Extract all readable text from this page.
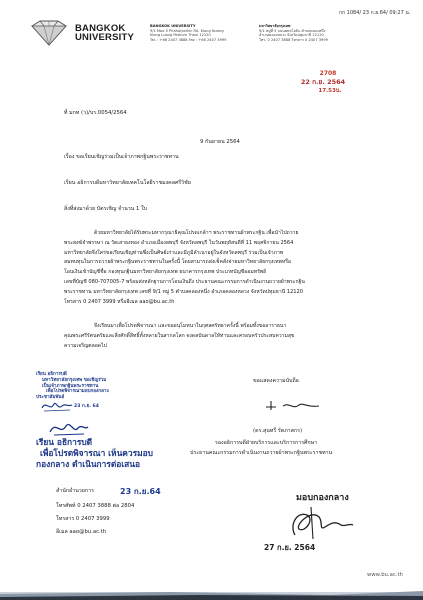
กก 1084/ 23 ก.ย.64/ 09:27 น.
BANGKOK
UNIVERSITY
BANGKOK UNIVERSITY
9/1 Moo 5 Phaholyothin Rd. Klong Nueng
Klong Luang Pathum Thani 12120
Tel. : +66 2407 3888 Fax : +66 2407 3999
มหาวิทยาลัยกรุงเทพ
9/1 หมู่ที่ 5 ถนนพหลโยธิน ตำบลคลองหนึ่ง
อำเภอคลองหลวง จังหวัดปทุมธานี 12120
โทร. 0 2407 3888 โทรสาร 0 2407 3999
2708
22 ก.ย. 2564
17.53น.
ที่ มกท (ว)/บร.0054/2564
9 กันยายน 2564
เรื่อง ขอเรียนเชิญร่วมเป็นเจ้าภาพกฐินพระราชทาน
เรียน อธิการบดีมหาวิทยาลัยเทคโนโลยีราชมงคลศรีวิชัย
สิ่งที่ส่งมาด้วย บัตรเชิญ จำนวน 1 ใบ
ด้วยมหาวิทยาลัยได้รับพระมหากรุณาธิคุณโปรดเกล้าฯ พระราชทานผ้าพระกฐิน เพื่อนำไปถวาย
พระสงฆ์จำพรรษา ณ วัดเสาธงทอง อำเภอเมืองลพบุรี จังหวัดลพบุรี ในวันพฤหัสบดีที่ 11 พฤศจิกายน 2564
มหาวิทยาลัยจึงใคร่ขอเรียนเชิญท่านซึ่งเป็นศิษย์เก่าและมีภูมิลำเนาอยู่ในจังหวัดลพบุรี ร่วมเป็นเจ้าภาพ
สมทบทุนในการถวายผ้าพระกฐินพระราชทานในครั้งนี้ โดยสามารถส่งเช็คสั่งจ่ายมหาวิทยาลัยกรุงเทพหรือ
โอนเงินเข้าบัญชีชื่อ กองทุนกฐินมหาวิทยาลัยกรุงเทพ ธนาคารกรุงเทพ ประเภทบัญชีออมทรัพย์
เลขที่บัญชี 080-707005-7 พร้อมส่งหลักฐานการโอนเงินถึง ประธานคณะกรรมการดำเนินงานถวายผ้าพระกฐิน
พระราชทาน มหาวิทยาลัยกรุงเทพ เลขที่ 9/1 หมู่ 5 ตำบลคลองหนึ่ง อำเภอคลองหลวง จังหวัดปทุมธานี 12120
โทรสาร 0 2407 3999 หรืออีเมล aao@bu.ac.th
จึงเรียนมาเพื่อโปรดพิจารณา และขออนุโมทนาในกุศลศรัทธาครั้งนี้ พร้อมทั้งขออาราธนา
คุณพระศรีรัตนตรัยและสิ่งศักดิ์สิทธิ์ทั้งหลายในสากลโลก จงดลบันดาลให้ท่านและครอบครัวประสบความสุข
ความเจริญตลอดไป
เรียน อธิการบดี
มหาวิทยาลัยกรุงเทพ ขอเชิญร่วม
เป็นเจ้าภาพกฐินพระราชทาน
เพื่อโปรดพิจารณามอบกองกลาง
ประชาสัมพันธ์
23 ก.ย. 64
ขอแสดงความนับถือ
(ดร.สุนทรี รัตภาสกร)
รองอธิการบดีฝ่ายบริการและบริการการศึกษา
ประธานคณะกรรมการดำเนินงานถวายผ้าพระกฐินพระราชทาน
เรียน อธิการบดี
เพื่อโปรดพิจารณา เห็นควรมอบ
กองกลาง ดำเนินการต่อเสนอ
สำนักอำนวยการ	23 ก.ย.64
โทรศัพท์ 0 2407 3888 ต่อ 2804
โทรสาร 0 2407 3999
อีเมล aao@bu.ac.th
มอบกองกลาง
27 ก.ย. 2564
www.bu.ac.th
